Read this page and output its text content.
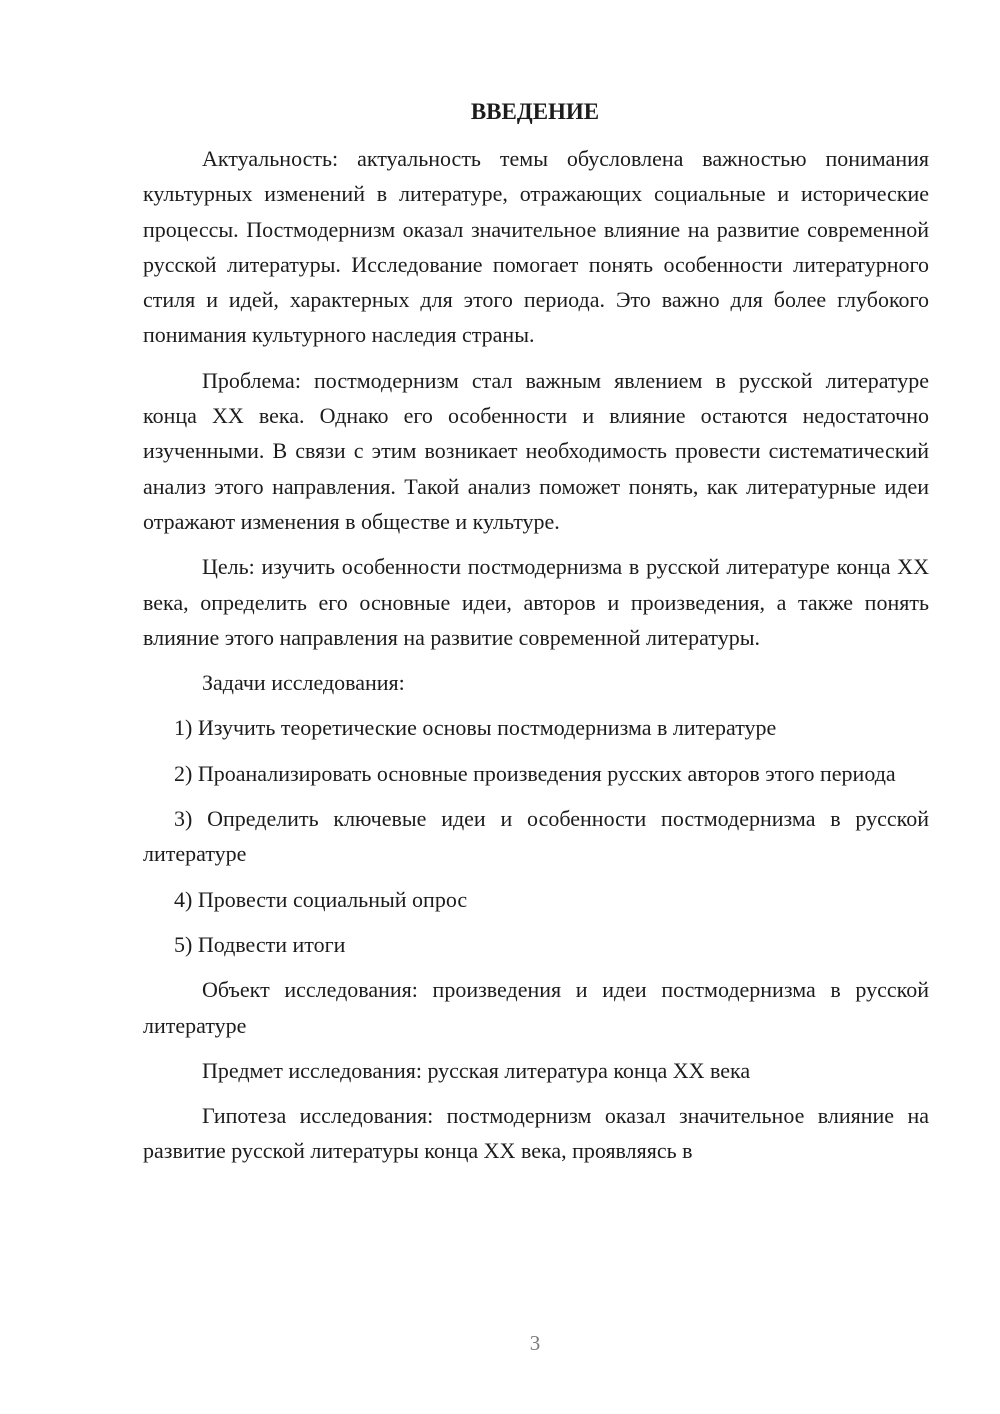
ВВЕДЕНИЕ

Актуальность: актуальность темы обусловлена важностью понимания культурных изменений в литературе, отражающих социальные и исторические процессы. Постмодернизм оказал значительное влияние на развитие современной русской литературы. Исследование помогает понять особенности литературного стиля и идей, характерных для этого периода. Это важно для более глубокого понимания культурного наследия страны.

Проблема: постмодернизм стал важным явлением в русской литературе конца XX века. Однако его особенности и влияние остаются недостаточно изученными. В связи с этим возникает необходимость провести систематический анализ этого направления. Такой анализ поможет понять, как литературные идеи отражают изменения в обществе и культуре.

Цель: изучить особенности постмодернизма в русской литературе конца XX века, определить его основные идеи, авторов и произведения, а также понять влияние этого направления на развитие современной литературы.

Задачи исследования:

1) Изучить теоретические основы постмодернизма в литературе

2) Проанализировать основные произведения русских авторов этого периода

3) Определить ключевые идеи и особенности постмодернизма в русской литературе

4) Провести социальный опрос

5) Подвести итоги

Объект исследования: произведения и идеи постмодернизма в русской литературе

Предмет исследования: русская литература конца XX века

Гипотеза исследования: постмодернизм оказал значительное влияние на развитие русской литературы конца XX века, проявляясь в

3
